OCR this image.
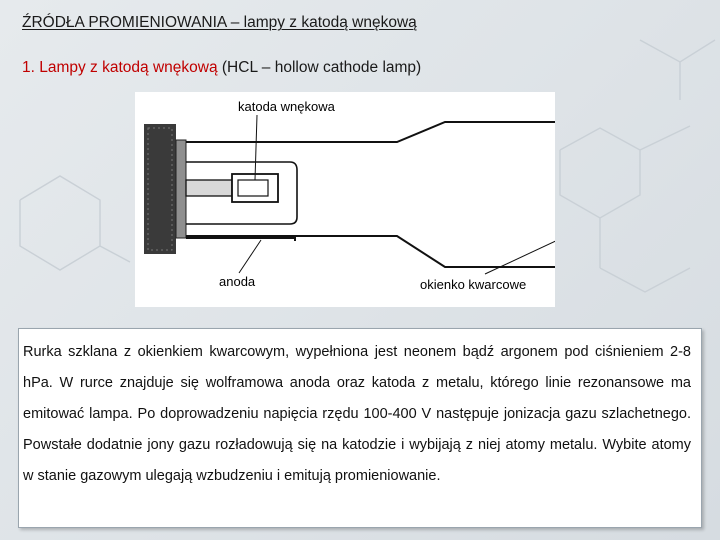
ŹRÓDŁA PROMIENIOWANIA – lampy z katodą wnękową
1. Lampy z katodą wnękową (HCL – hollow cathode lamp)
katoda wnękowa
anoda	okienko kwarcowe

Rurka szklana z okienkiem kwarcowym, wypełniona jest neonem bądź argonem pod ciśnieniem 2-8 hPa. W rurce znajduje się wolframowa anoda oraz katoda z metalu, którego linie rezonansowe ma emitować lampa. Po doprowadzeniu napięcia rzędu 100-400 V następuje jonizacja gazu szlachetnego. Powstałe dodatnie jony gazu rozładowują się na katodzie i wybijają z niej atomy metalu. Wybite atomy w stanie gazowym ulegają wzbudzeniu i emitują promieniowanie.
